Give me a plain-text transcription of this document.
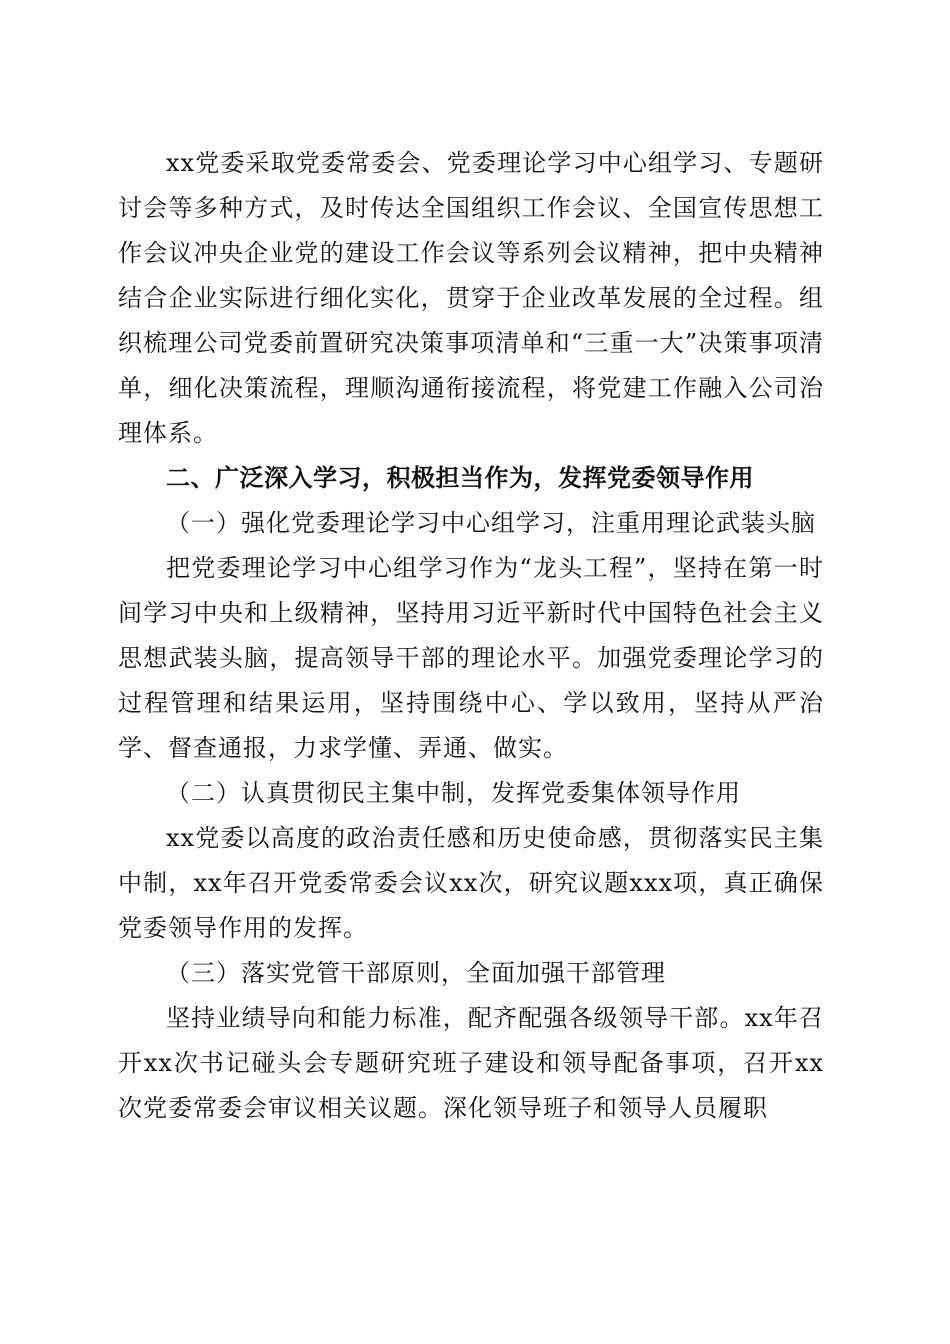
xx党委采取党委常委会、党委理论学习中心组学习、专题研讨会等多种方式，及时传达全国组织工作会议、全国宣传思想工作会议冲央企业党的建设工作会议等系列会议精神，把中央精神结合企业实际进行细化实化，贯穿于企业改革发展的全过程。组织梳理公司党委前置研究决策事项清单和“三重一大”决策事项清单，细化决策流程，理顺沟通衔接流程，将党建工作融入公司治理体系。

二、广泛深入学习，积极担当作为，发挥党委领导作用

（一）强化党委理论学习中心组学习，注重用理论武装头脑

把党委理论学习中心组学习作为“龙头工程”，坚持在第一时间学习中央和上级精神，坚持用习近平新时代中国特色社会主义思想武装头脑，提高领导干部的理论水平。加强党委理论学习的过程管理和结果运用，坚持围绕中心、学以致用，坚持从严治学、督查通报，力求学懂、弄通、做实。

（二）认真贯彻民主集中制，发挥党委集体领导作用

xx党委以高度的政治责任感和历史使命感，贯彻落实民主集中制，xx年召开党委常委会议xx次，研究议题xxx项，真正确保党委领导作用的发挥。

（三）落实党管干部原则，全面加强干部管理

坚持业绩导向和能力标准，配齐配强各级领导干部。xx年召开xx次书记碰头会专题研究班子建设和领导配备事项，召开xx次党委常委会审议相关议题。深化领导班子和领导人员履职
